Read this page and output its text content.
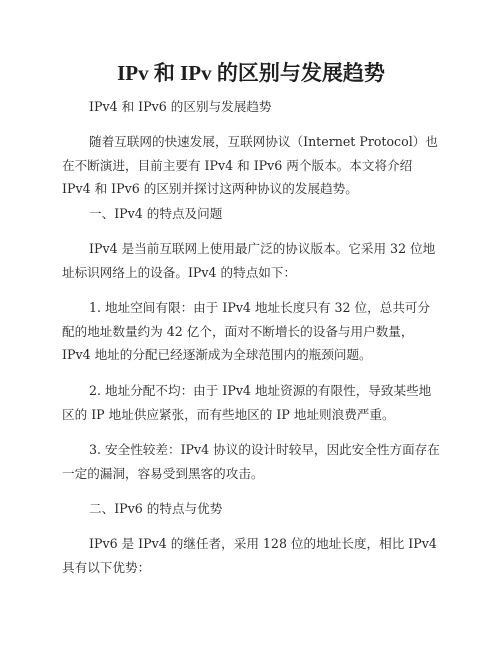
IPv 和 IPv 的区别与发展趋势

IPv4 和 IPv6 的区别与发展趋势

随着互联网的快速发展，互联网协议（Internet Protocol）也在不断演进，目前主要有 IPv4 和 IPv6 两个版本。本文将介绍 IPv4 和 IPv6 的区别并探讨这两种协议的发展趋势。

一、IPv4 的特点及问题

IPv4 是当前互联网上使用最广泛的协议版本。它采用 32 位地址标识网络上的设备。IPv4 的特点如下：

1. 地址空间有限：由于 IPv4 地址长度只有 32 位，总共可分配的地址数量约为 42 亿个，面对不断增长的设备与用户数量，IPv4 地址的分配已经逐渐成为全球范围内的瓶颈问题。

2. 地址分配不均：由于 IPv4 地址资源的有限性，导致某些地区的 IP 地址供应紧张，而有些地区的 IP 地址则浪费严重。

3. 安全性较差：IPv4 协议的设计时较早，因此安全性方面存在一定的漏洞，容易受到黑客的攻击。

二、IPv6 的特点与优势

IPv6 是 IPv4 的继任者，采用 128 位的地址长度，相比 IPv4 具有以下优势：
